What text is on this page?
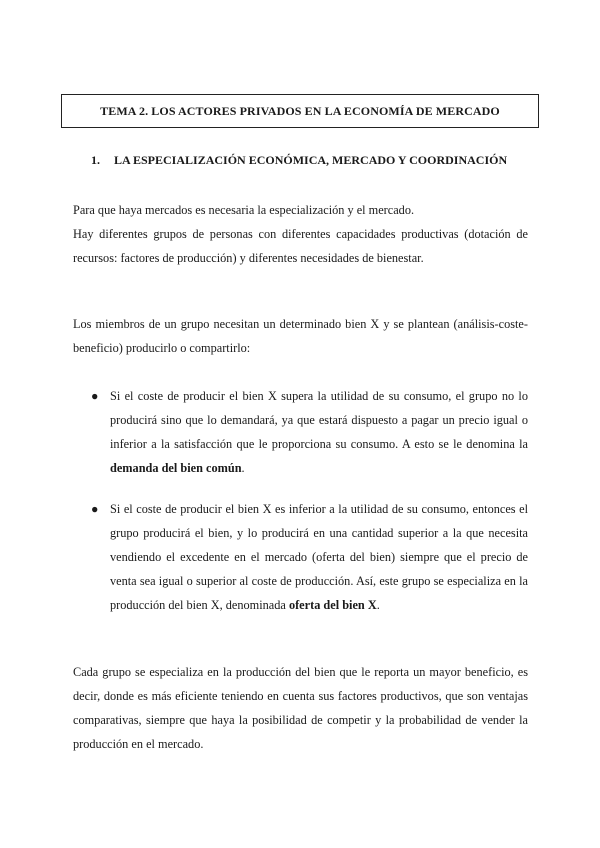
TEMA 2. LOS ACTORES PRIVADOS EN LA ECONOMÍA DE MERCADO
1. LA ESPECIALIZACIÓN ECONÓMICA, MERCADO Y COORDINACIÓN

Para que haya mercados es necesaria la especialización y el mercado.

Hay diferentes grupos de personas con diferentes capacidades productivas (dotación de recursos: factores de producción) y diferentes necesidades de bienestar.

Los miembros de un grupo necesitan un determinado bien X y se plantean (análisis-coste-beneficio) producirlo o compartirlo:

● Si el coste de producir el bien X supera la utilidad de su consumo, el grupo no lo producirá sino que lo demandará, ya que estará dispuesto a pagar un precio igual o inferior a la satisfacción que le proporciona su consumo. A esto se le denomina la demanda del bien común.
● Si el coste de producir el bien X es inferior a la utilidad de su consumo, entonces el grupo producirá el bien, y lo producirá en una cantidad superior a la que necesita vendiendo el excedente en el mercado (oferta del bien) siempre que el precio de venta sea igual o superior al coste de producción. Así, este grupo se especializa en la producción del bien X, denominada oferta del bien X.

Cada grupo se especializa en la producción del bien que le reporta un mayor beneficio, es decir, donde es más eficiente teniendo en cuenta sus factores productivos, que son ventajas comparativas, siempre que haya la posibilidad de competir y la probabilidad de vender la producción en el mercado.
